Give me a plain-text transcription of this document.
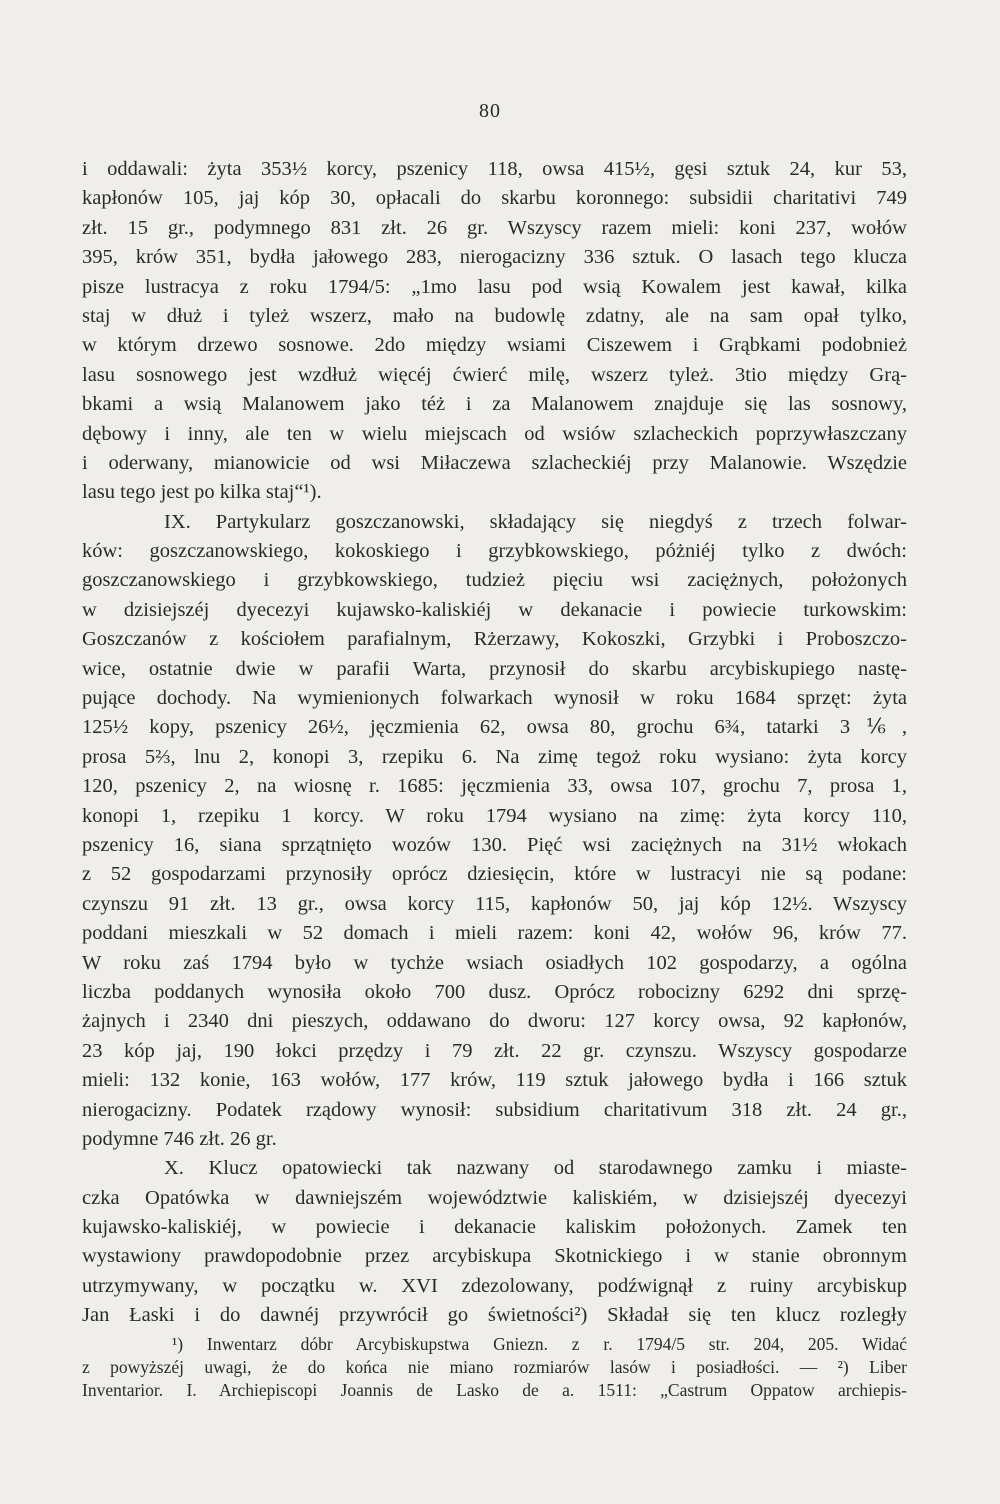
80
i oddawali: żyta 353½ korcy, pszenicy 118, owsa 415½, gęsi sztuk 24, kur 53,
kapłonów 105, jaj kóp 30, opłacali do skarbu koronnego: subsidii charitativi 749
złt. 15 gr., podymnego 831 złt. 26 gr. Wszyscy razem mieli: koni 237, wołów
395, krów 351, bydła jałowego 283, nierogacizny 336 sztuk. O lasach tego klucza
pisze lustracya z roku 1794/5: „1mo lasu pod wsią Kowalem jest kawał, kilka
staj w dłuż i tyleż wszerz, mało na budowlę zdatny, ale na sam opał tylko,
w którym drzewo sosnowe. 2do między wsiami Ciszewem i Grąbkami podobnież
lasu sosnowego jest wzdłuż więcéj ćwierć milę, wszerz tyleż. 3tio między Grą-
bkami a wsią Malanowem jako téż i za Malanowem znajduje się las sosnowy,
dębowy i inny, ale ten w wielu miejscach od wsiów szlacheckich poprzywłaszczany
i oderwany, mianowicie od wsi Miłaczewa szlacheckiéj przy Malanowie. Wszędzie
lasu tego jest po kilka staj“¹).
IX. Partykularz goszczanowski, składający się niegdyś z trzech folwar-
ków: goszczanowskiego, kokoskiego i grzybkowskiego, póżniéj tylko z dwóch:
goszczanowskiego i grzybkowskiego, tudzież pięciu wsi zaciężnych, położonych
w dzisiejszéj dyecezyi kujawsko-kaliskiéj w dekanacie i powiecie turkowskim:
Goszczanów z kościołem parafialnym, Rżerzawy, Kokoszki, Grzybki i Proboszczo-
wice, ostatnie dwie w parafii Warta, przynosił do skarbu arcybiskupiego nastę-
pujące dochody. Na wymienionych folwarkach wynosił w roku 1684 sprzęt: żyta
125½ kopy, pszenicy 26½, jęczmienia 62, owsa 80, grochu 6¾, tatarki 3⅙,
prosa 5⅔, lnu 2, konopi 3, rzepiku 6. Na zimę tegoż roku wysiano: żyta korcy
120, pszenicy 2, na wiosnę r. 1685: jęczmienia 33, owsa 107, grochu 7, prosa 1,
konopi 1, rzepiku 1 korcy. W roku 1794 wysiano na zimę: żyta korcy 110,
pszenicy 16, siana sprzątnięto wozów 130. Pięć wsi zaciężnych na 31½ włokach
z 52 gospodarzami przynosiły oprócz dziesięcin, które w lustracyi nie są podane:
czynszu 91 złt. 13 gr., owsa korcy 115, kapłonów 50, jaj kóp 12½. Wszyscy
poddani mieszkali w 52 domach i mieli razem: koni 42, wołów 96, krów 77.
W roku zaś 1794 było w tychże wsiach osiadłych 102 gospodarzy, a ogólna
liczba poddanych wynosiła około 700 dusz. Oprócz robocizny 6292 dni sprzę-
żajnych i 2340 dni pieszych, oddawano do dworu: 127 korcy owsa, 92 kapłonów,
23 kóp jaj, 190 łokci przędzy i 79 złt. 22 gr. czynszu. Wszyscy gospodarze
mieli: 132 konie, 163 wołów, 177 krów, 119 sztuk jałowego bydła i 166 sztuk
nierogacizny. Podatek rządowy wynosił: subsidium charitativum 318 złt. 24 gr.,
podymne 746 złt. 26 gr.
X. Klucz opatowiecki tak nazwany od starodawnego zamku i miaste-
czka Opatówka w dawniejszém województwie kaliskiém, w dzisiejszéj dyecezyi
kujawsko-kaliskiéj, w powiecie i dekanacie kaliskim położonych. Zamek ten
wystawiony prawdopodobnie przez arcybiskupa Skotnickiego i w stanie obronnym
utrzymywany, w początku w. XVI zdezolowany, podźwignął z ruiny arcybiskup
Jan Łaski i do dawnéj przywrócił go świetności²) Składał się ten klucz rozległy
¹) Inwentarz dóbr Arcybiskupstwa Gniezn. z r. 1794/5 str. 204, 205. Widać
z powyższéj uwagi, że do końca nie miano rozmiarów lasów i posiadłości. — ²) Liber
Inventarior. I. Archiepiscopi Joannis de Lasko de a. 1511: „Castrum Oppatow archiepis-
